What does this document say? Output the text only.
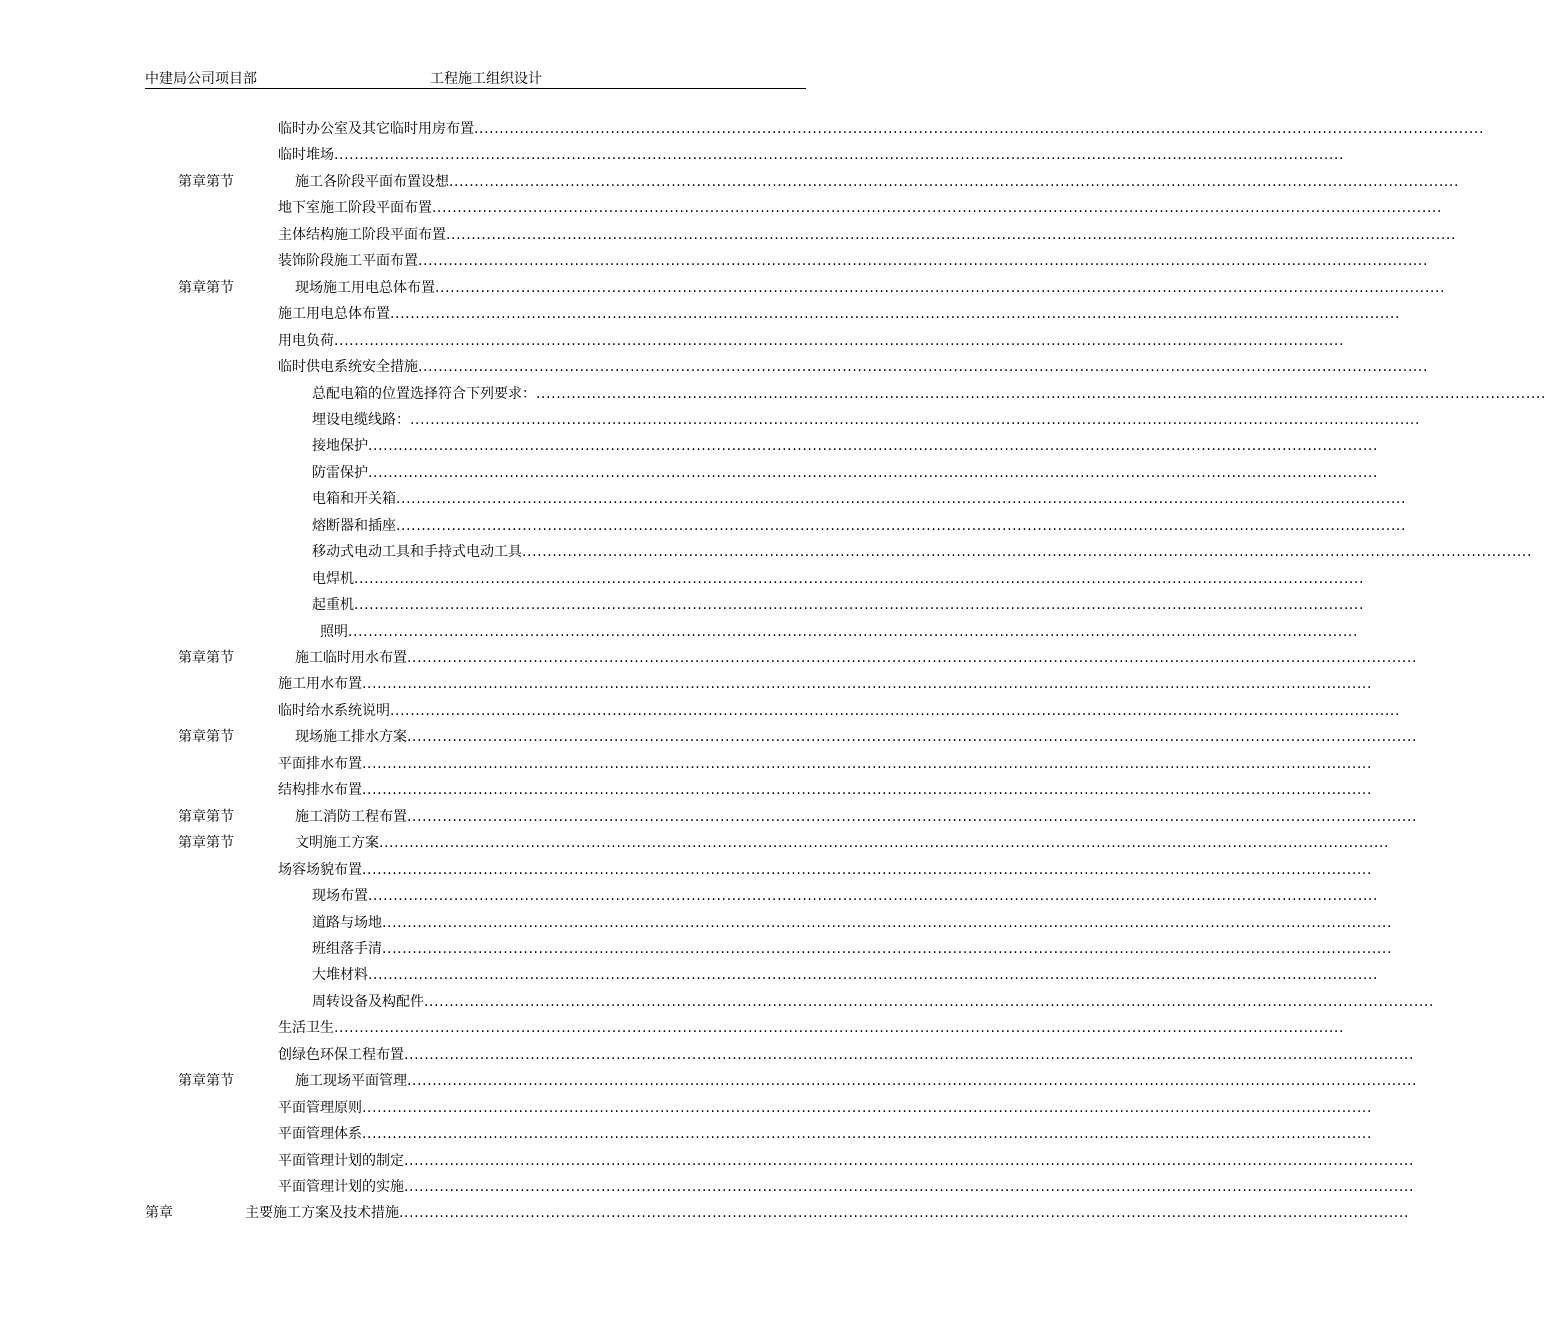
中建局公司项目部	工程施工组织设计
临时办公室及其它临时用房布置 ........................................................................................................................................................................................................
临时堆场 ........................................................................................................................................................................................................
第章第节	施工各阶段平面布置设想 ........................................................................................................................................................................................................
地下室施工阶段平面布置 ........................................................................................................................................................................................................
主体结构施工阶段平面布置 ........................................................................................................................................................................................................
装饰阶段施工平面布置 ........................................................................................................................................................................................................
第章第节	现场施工用电总体布置 ........................................................................................................................................................................................................
施工用电总体布置 ........................................................................................................................................................................................................
用电负荷 ........................................................................................................................................................................................................
临时供电系统安全措施 ........................................................................................................................................................................................................
总配电箱的位置选择符合下列要求： ........................................................................................................................................................................................................
埋设电缆线路： ........................................................................................................................................................................................................
接地保护 ........................................................................................................................................................................................................
防雷保护 ........................................................................................................................................................................................................
电箱和开关箱 ........................................................................................................................................................................................................
熔断器和插座 ........................................................................................................................................................................................................
移动式电动工具和手持式电动工具 ........................................................................................................................................................................................................
电焊机 ........................................................................................................................................................................................................
起重机 ........................................................................................................................................................................................................
照明 ........................................................................................................................................................................................................
第章第节	施工临时用水布置 ........................................................................................................................................................................................................
施工用水布置 ........................................................................................................................................................................................................
临时给水系统说明 ........................................................................................................................................................................................................
第章第节	现场施工排水方案 ........................................................................................................................................................................................................
平面排水布置 ........................................................................................................................................................................................................
结构排水布置 ........................................................................................................................................................................................................
第章第节	施工消防工程布置 ........................................................................................................................................................................................................
第章第节	文明施工方案 ........................................................................................................................................................................................................
场容场貌布置 ........................................................................................................................................................................................................
现场布置 ........................................................................................................................................................................................................
道路与场地 ........................................................................................................................................................................................................
班组落手清 ........................................................................................................................................................................................................
大堆材料 ........................................................................................................................................................................................................
周转设备及构配件 ........................................................................................................................................................................................................
生活卫生 ........................................................................................................................................................................................................
创绿色环保工程布置 ........................................................................................................................................................................................................
第章第节	施工现场平面管理 ........................................................................................................................................................................................................
平面管理原则 ........................................................................................................................................................................................................
平面管理体系 ........................................................................................................................................................................................................
平面管理计划的制定 ........................................................................................................................................................................................................
平面管理计划的实施 ........................................................................................................................................................................................................
第章	主要施工方案及技术措施 ........................................................................................................................................................................................................
